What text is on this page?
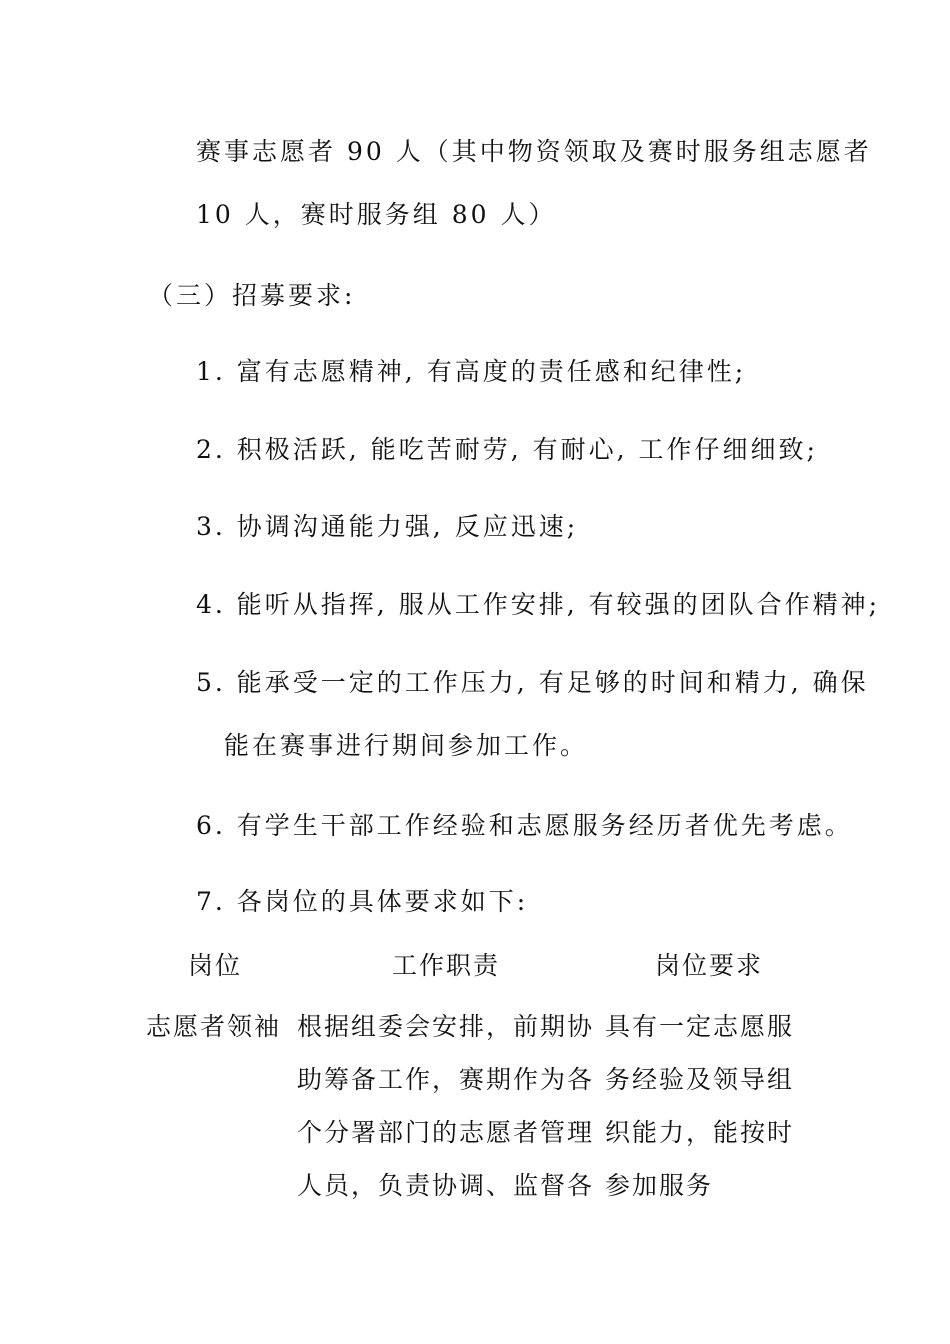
赛事志愿者 90 人（其中物资领取及赛时服务组志愿者
10 人，赛时服务组 80 人）
（三）招募要求:
1. 富有志愿精神, 有高度的责任感和纪律性;
2. 积极活跃, 能吃苦耐劳, 有耐心, 工作仔细细致;
3. 协调沟通能力强, 反应迅速;
4. 能听从指挥, 服从工作安排, 有较强的团队合作精神;
5. 能承受一定的工作压力, 有足够的时间和精力, 确保
能在赛事进行期间参加工作。
6. 有学生干部工作经验和志愿服务经历者优先考虑。
7. 各岗位的具体要求如下:
岗位	工作职责	岗位要求
志愿者领袖 根据组委会安排，前期协
助筹备工作，赛期作为各
个分署部门的志愿者管理
人员，负责协调、监督各
具有一定志愿服
务经验及领导组
织能力，能按时
参加服务
